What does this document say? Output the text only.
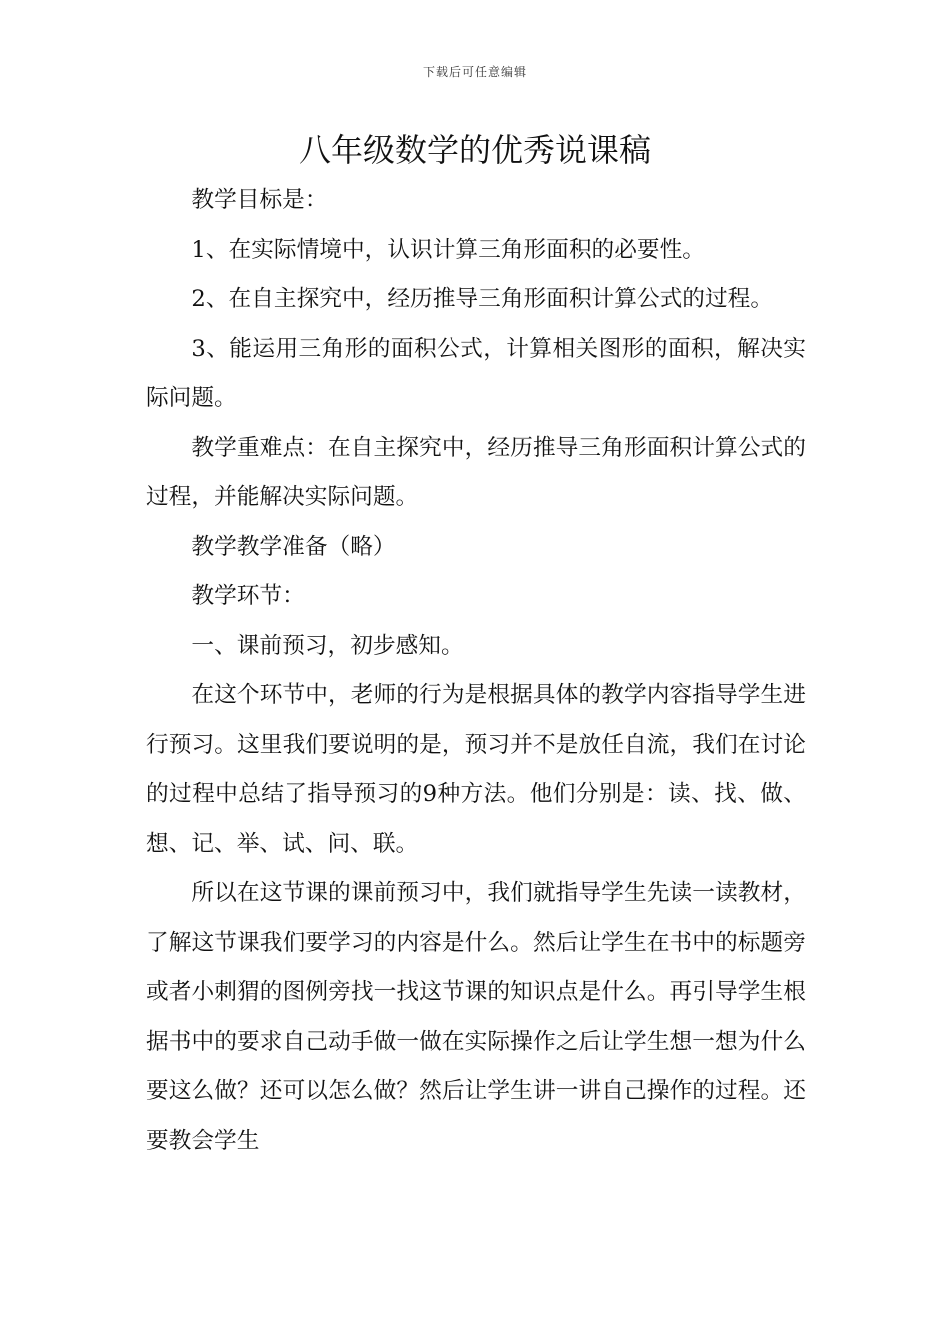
下载后可任意编辑
八年级数学的优秀说课稿

教学目标是：

1、在实际情境中，认识计算三角形面积的必要性。

2、在自主探究中，经历推导三角形面积计算公式的过程。

3、能运用三角形的面积公式，计算相关图形的面积，解决实际问题。

教学重难点：在自主探究中，经历推导三角形面积计算公式的过程，并能解决实际问题。

教学教学准备（略）

教学环节：

一、课前预习，初步感知。

在这个环节中，老师的行为是根据具体的教学内容指导学生进行预习。这里我们要说明的是，预习并不是放任自流，我们在讨论的过程中总结了指导预习的9种方法。他们分别是：读、找、做、想、记、举、试、问、联。

所以在这节课的课前预习中，我们就指导学生先读一读教材，了解这节课我们要学习的内容是什么。然后让学生在书中的标题旁或者小刺猬的图例旁找一找这节课的知识点是什么。再引导学生根据书中的要求自己动手做一做在实际操作之后让学生想一想为什么要这么做？还可以怎么做？然后让学生讲一讲自己操作的过程。还要教会学生
